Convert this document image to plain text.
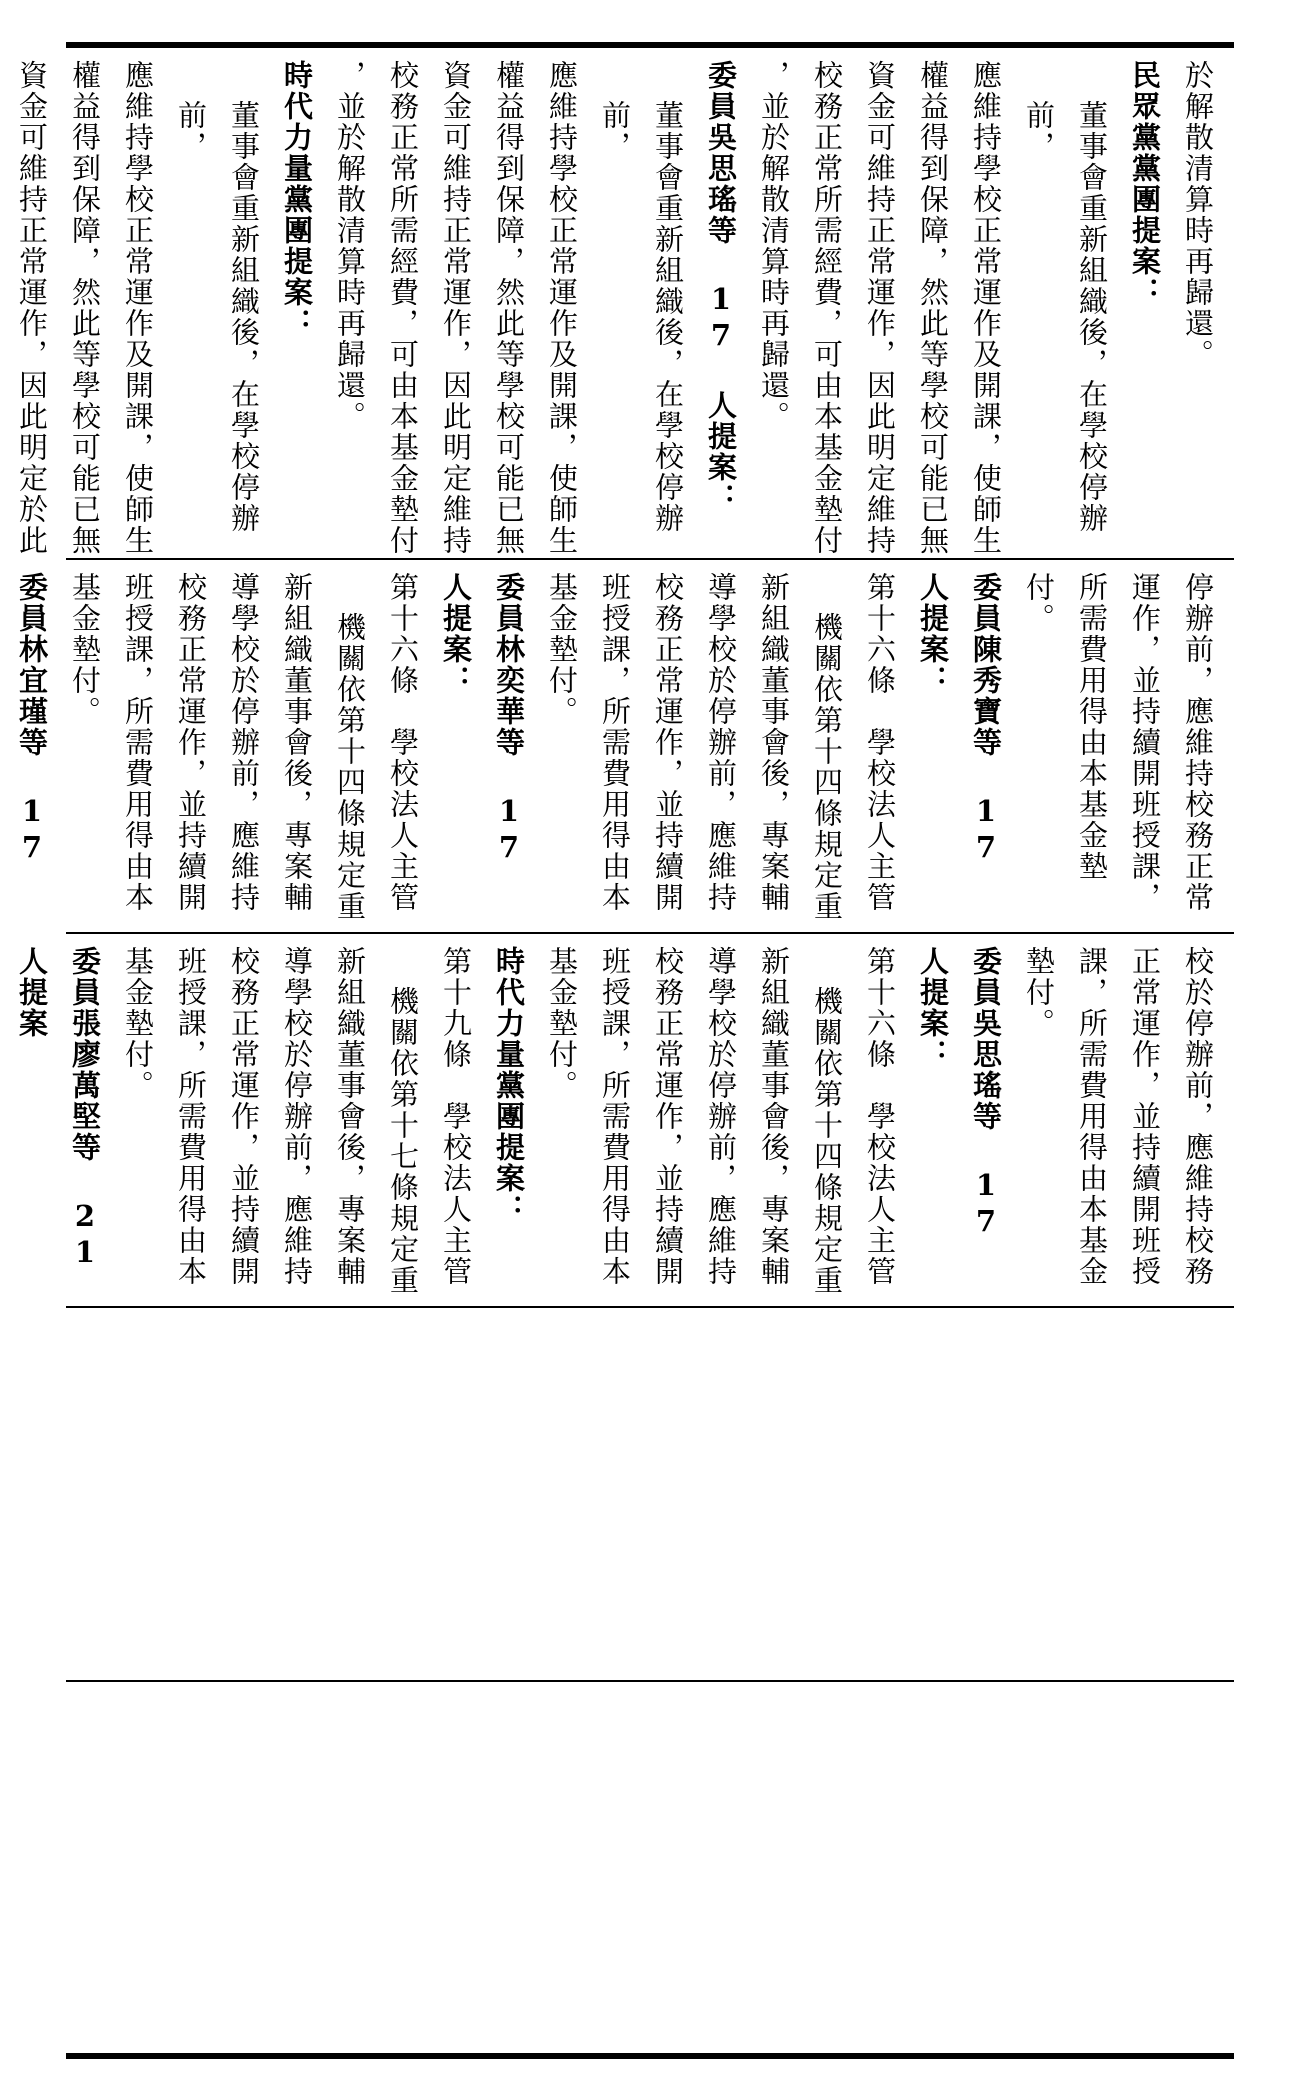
於解散清算時再歸還。

民眾黨黨團提案：

董事會重新組織後，在學校停辦前，

應維持學校正常運作及開課，使師生

權益得到保障，然此等學校可能已無

資金可維持正常運作，因此明定維持

校務正常所需經費，可由本基金墊付

，並於解散清算時再歸還。

委員吳思瑤等 17 人提案：

董事會重新組織後，在學校停辦前，

應維持學校正常運作及開課，使師生

權益得到保障，然此等學校可能已無

資金可維持正常運作，因此明定維持

校務正常所需經費，可由本基金墊付

，並於解散清算時再歸還。

時代力量黨團提案：

董事會重新組織後，在學校停辦前，

應維持學校正常運作及開課，使師生

權益得到保障，然此等學校可能已無

資金可維持正常運作，因此明定於此

停辦前，應維持校務正常

運作，並持續開班授課，

所需費用得由本基金墊

付。

委員陳秀寶等 17 人提案：

第十六條　學校法人主管

機關依第十四條規定重

新組織董事會後，專案輔

導學校於停辦前，應維持

校務正常運作，並持續開

班授課，所需費用得由本

基金墊付。

委員林奕華等 17 人提案：

第十六條　學校法人主管

機關依第十四條規定重

新組織董事會後，專案輔

導學校於停辦前，應維持

校務正常運作，並持續開

班授課，所需費用得由本

基金墊付。

委員林宜瑾等 17

校於停辦前，應維持校務

正常運作，並持續開班授

課，所需費用得由本基金

墊付。

委員吳思瑤等 17 人提案：

第十六條　學校法人主管

機關依第十四條規定重

新組織董事會後，專案輔

導學校於停辦前，應維持

校務正常運作，並持續開

班授課，所需費用得由本

基金墊付。

時代力量黨團提案：

第十九條　學校法人主管

機關依第十七條規定重

新組織董事會後，專案輔

導學校於停辦前，應維持

校務正常運作，並持續開

班授課，所需費用得由本

基金墊付。

委員張廖萬堅等 21 人提案
